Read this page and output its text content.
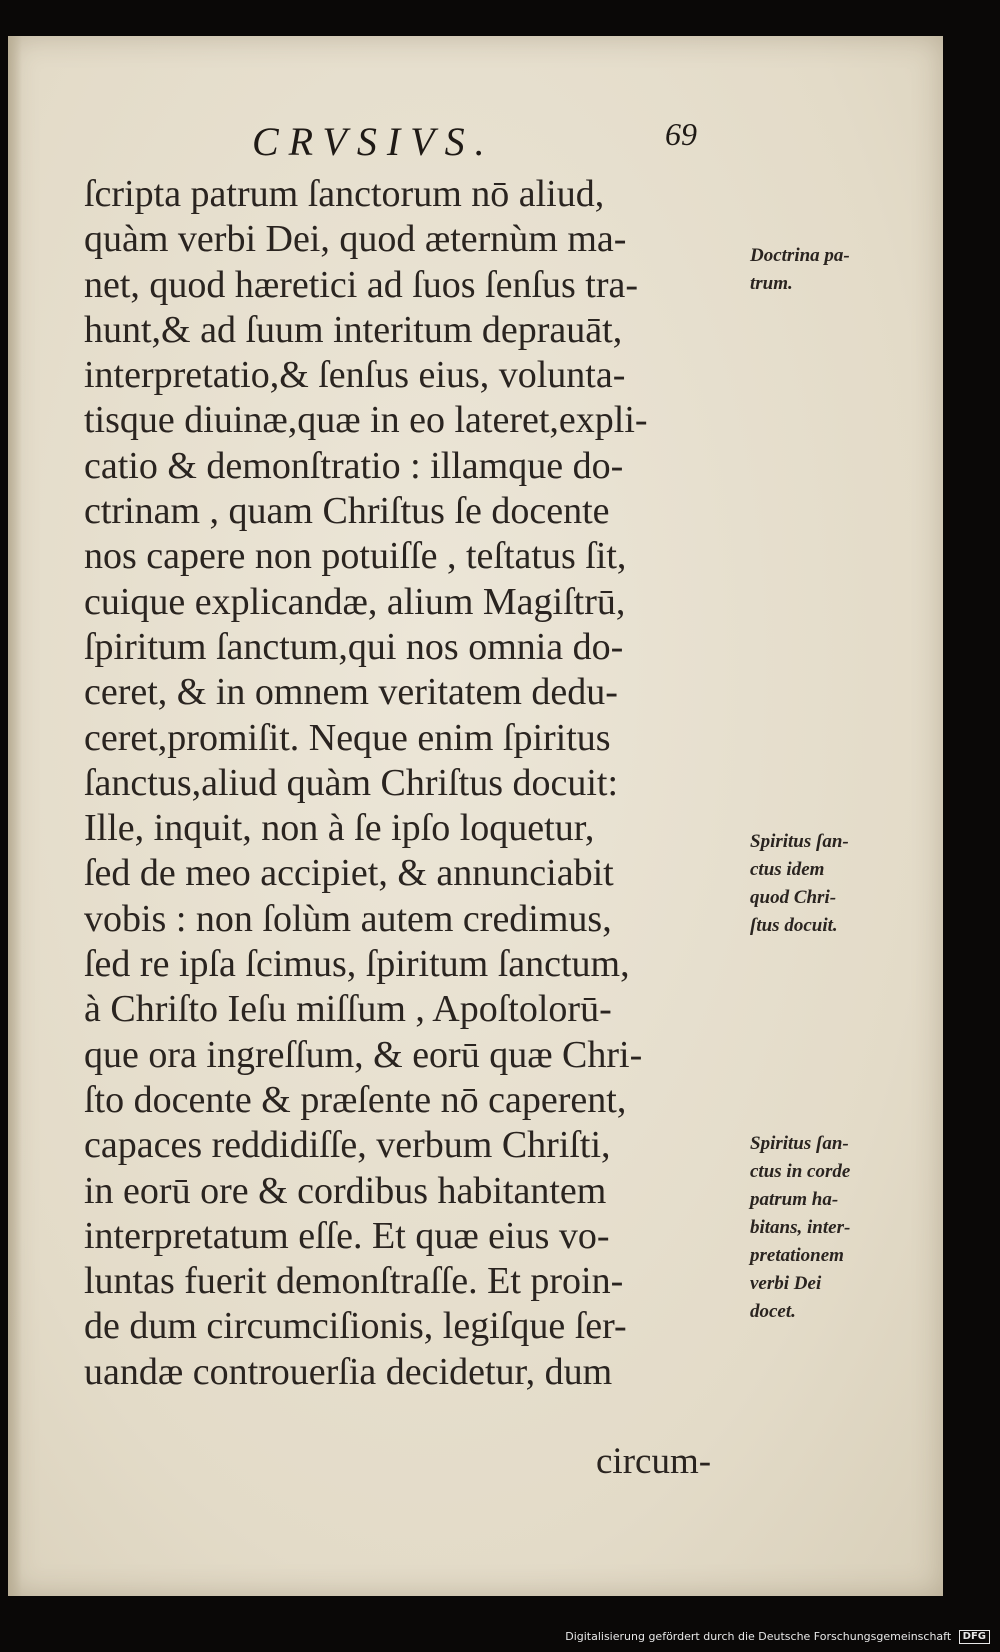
CRVSIVS.	69
ſcripta patrum ſanctorum nō aliud,
quàm verbi Dei, quod æternùm ma-
net, quod hæretici ad ſuos ſenſus tra-
hunt,& ad ſuum interitum deprauāt,
interpretatio,& ſenſus eius, volunta-
tisque diuinæ,quæ in eo lateret,expli-
catio & demonſtratio : illamque do-
ctrinam , quam Chriſtus ſe docente
nos capere non potuiſſe , teſtatus ſit,
cuique explicandæ, alium Magiſtrū,
ſpiritum ſanctum,qui nos omnia do-
ceret, & in omnem veritatem dedu-
ceret,promiſit. Neque enim ſpiritus
ſanctus,aliud quàm Chriſtus docuit:
Ille, inquit, non à ſe ipſo loquetur,
ſed de meo accipiet, & annunciabit
vobis : non ſolùm autem credimus,
ſed re ipſa ſcimus, ſpiritum ſanctum,
à Chriſto Ieſu miſſum , Apoſtolorū-
que ora ingreſſum, & eorū quæ Chri-
ſto docente & præſente nō caperent,
capaces reddidiſſe, verbum Chriſti,
in eorū ore & cordibus habitantem
interpretatum eſſe. Et quæ eius vo-
luntas fuerit demonſtraſſe. Et proin-
de dum circumciſionis, legiſque ſer-
uandæ controuerſia decidetur, dum
circum-
Doctrina pa-
trum.
Spiritus ſan-
ctus idem
quod Chri-
ſtus docuit.
Spiritus ſan-
ctus in corde
patrum ha-
bitans, inter-
pretationem
verbi Dei
docet.
Digitalisierung gefördert durch die Deutsche Forschungsgemeinschaft DFG
